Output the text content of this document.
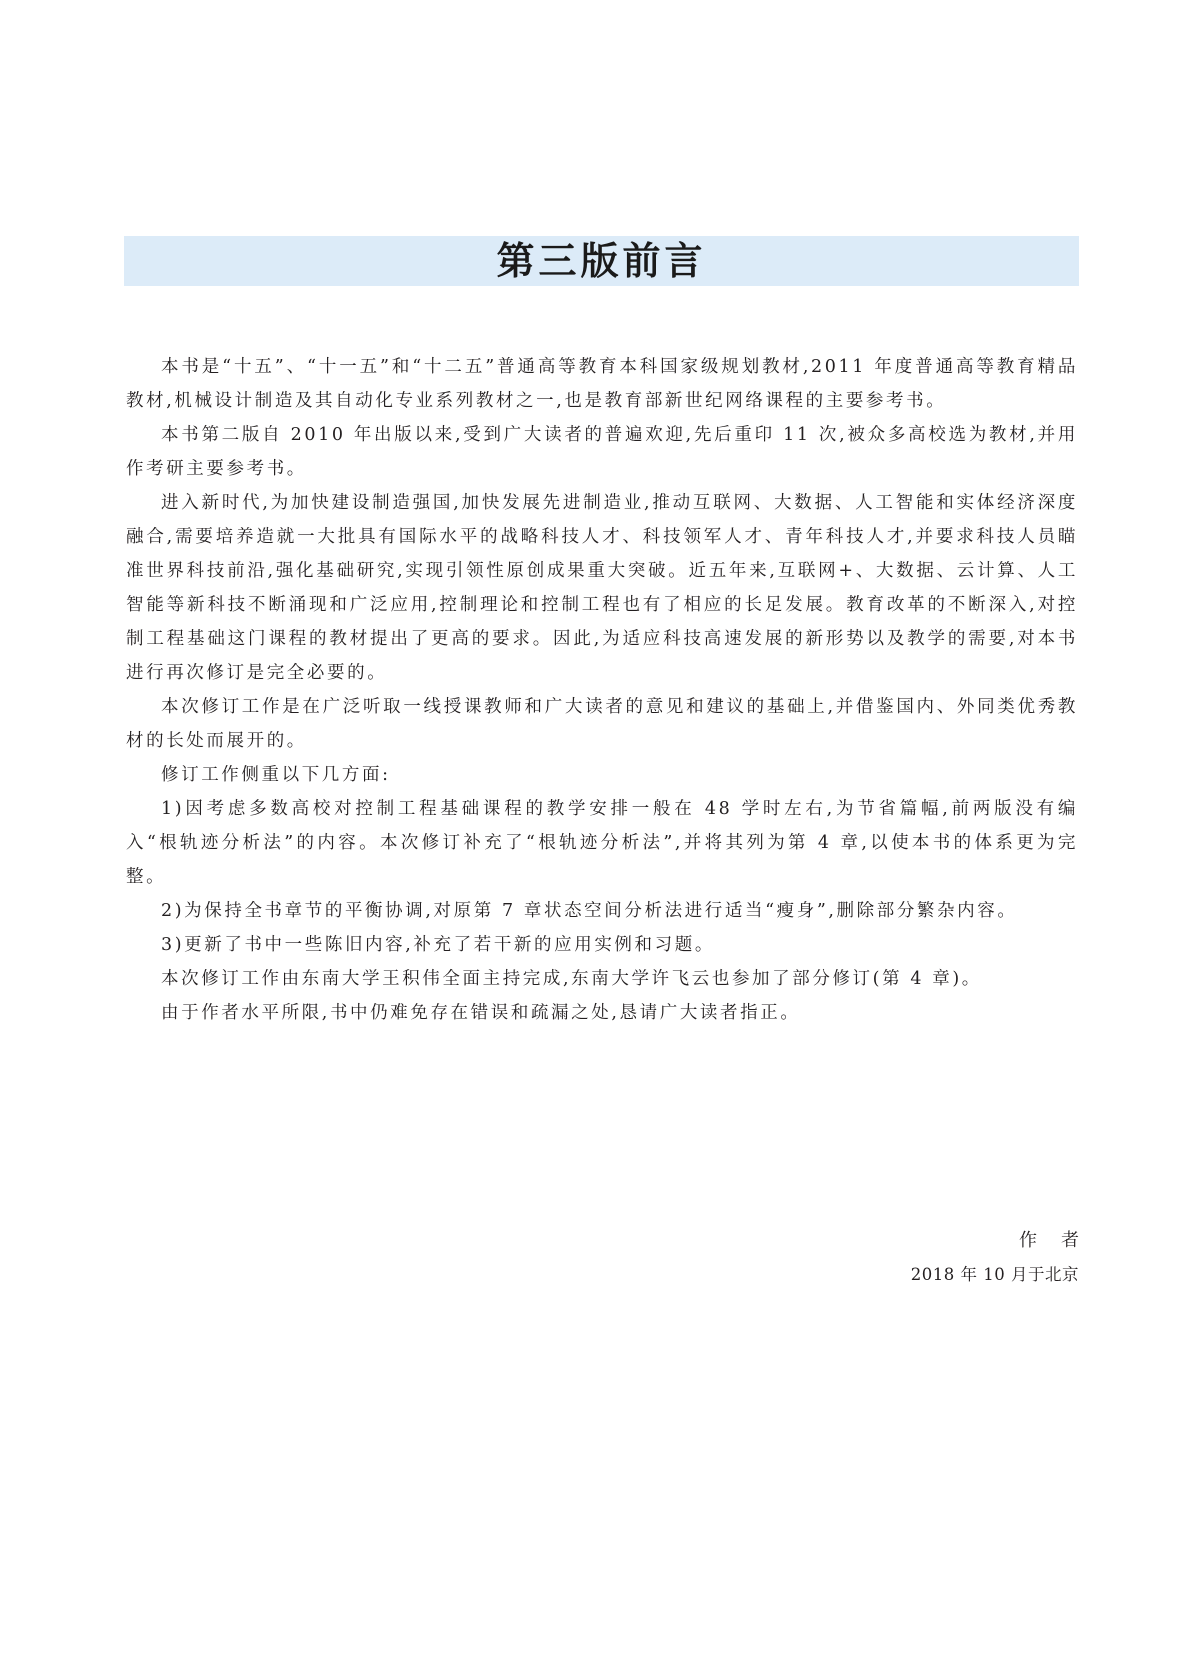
第三版前言

本书是“十五”、“十一五”和“十二五”普通高等教育本科国家级规划教材,2011 年度普通高等教育精品教材,机械设计制造及其自动化专业系列教材之一,也是教育部新世纪网络课程的主要参考书。

本书第二版自 2010 年出版以来,受到广大读者的普遍欢迎,先后重印 11 次,被众多高校选为教材,并用作考研主要参考书。

进入新时代,为加快建设制造强国,加快发展先进制造业,推动互联网、大数据、人工智能和实体经济深度融合,需要培养造就一大批具有国际水平的战略科技人才、科技领军人才、青年科技人才,并要求科技人员瞄准世界科技前沿,强化基础研究,实现引领性原创成果重大突破。近五年来,互联网+、大数据、云计算、人工智能等新科技不断涌现和广泛应用,控制理论和控制工程也有了相应的长足发展。教育改革的不断深入,对控制工程基础这门课程的教材提出了更高的要求。因此,为适应科技高速发展的新形势以及教学的需要,对本书进行再次修订是完全必要的。

本次修订工作是在广泛听取一线授课教师和广大读者的意见和建议的基础上,并借鉴国内、外同类优秀教材的长处而展开的。

修订工作侧重以下几方面:

1)因考虑多数高校对控制工程基础课程的教学安排一般在 48 学时左右,为节省篇幅,前两版没有编入“根轨迹分析法”的内容。本次修订补充了“根轨迹分析法”,并将其列为第 4 章,以使本书的体系更为完整。

2)为保持全书章节的平衡协调,对原第 7 章状态空间分析法进行适当“瘦身”,删除部分繁杂内容。

3)更新了书中一些陈旧内容,补充了若干新的应用实例和习题。

本次修订工作由东南大学王积伟全面主持完成,东南大学许飞云也参加了部分修订(第 4 章)。

由于作者水平所限,书中仍难免存在错误和疏漏之处,恳请广大读者指正。

作者
2018 年 10 月于北京
